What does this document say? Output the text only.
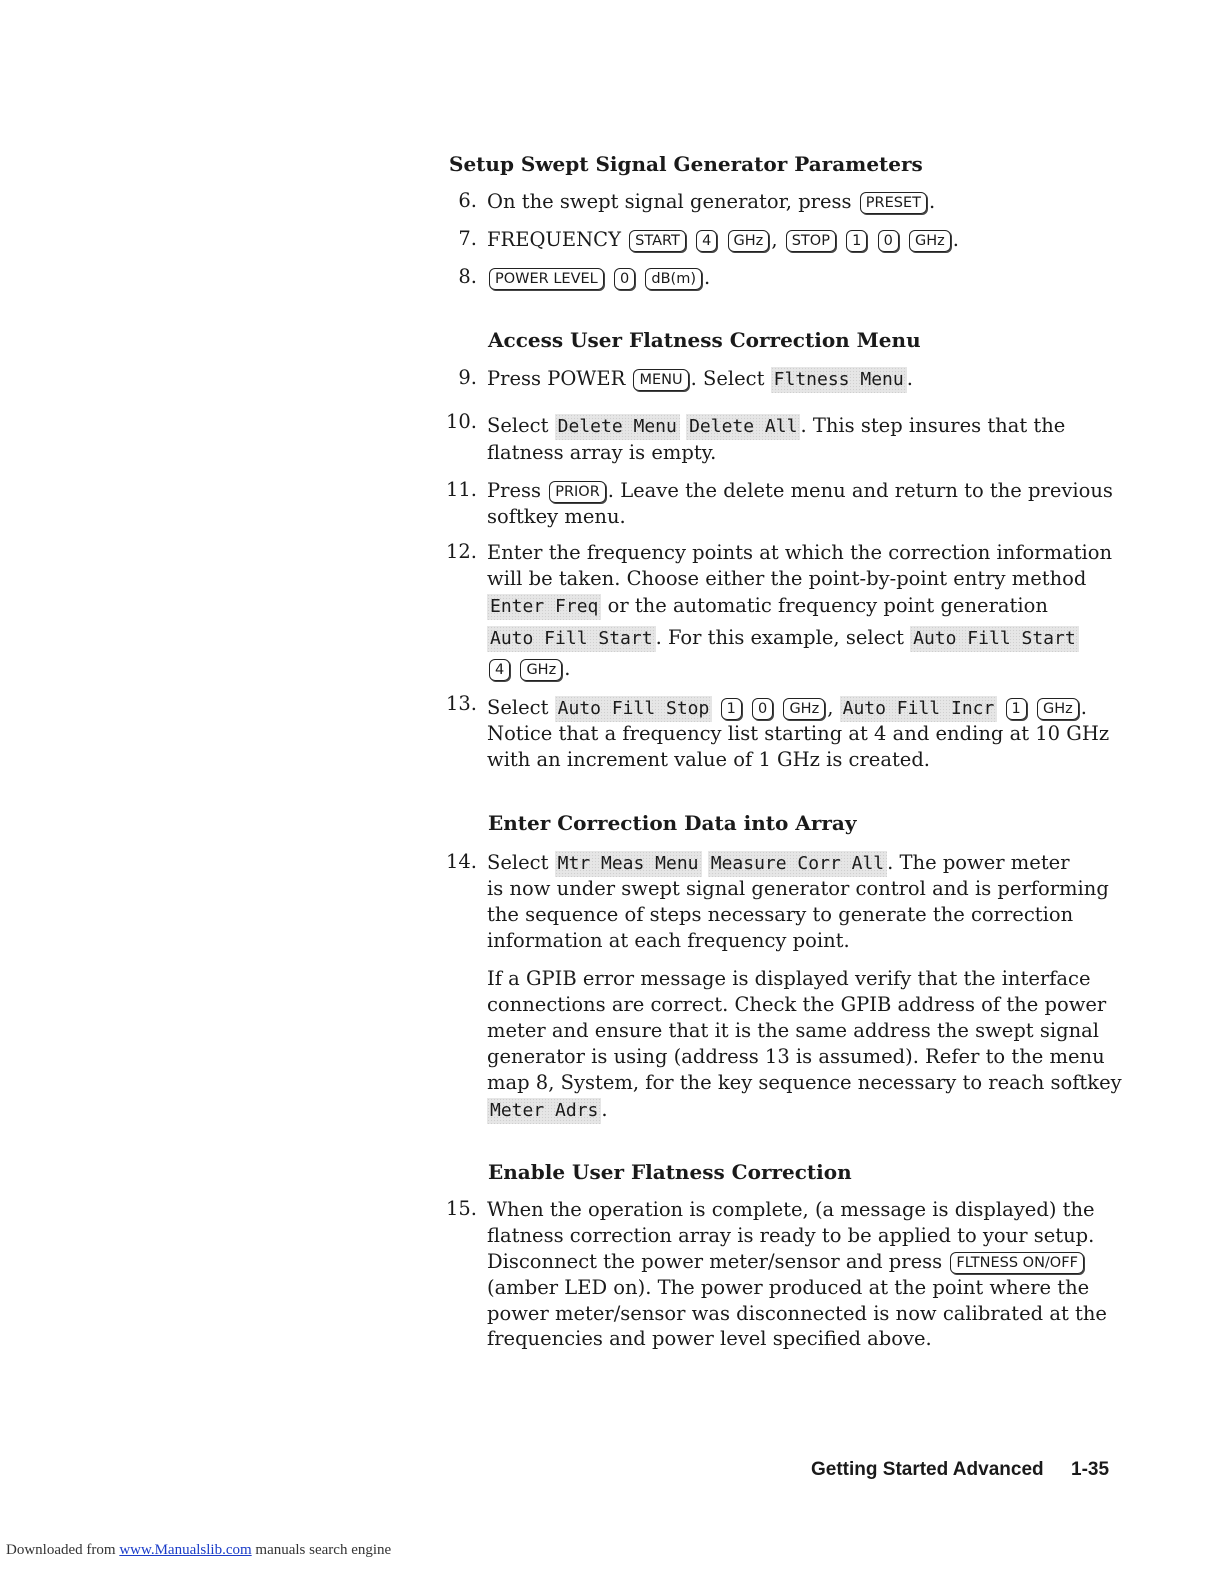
Setup Swept Signal Generator Parameters
6. On the swept signal generator, press PRESET .
7. FREQUENCY START 4 GHz , STOP 1 0 GHz .
8.	POWER LEVEL 0 dB(m) .
Access User Flatness Correction Menu
9. Press POWER MENU . Select Fltness Menu .
10. Select Delete Menu Delete All . This step insures that the
flatness array is empty.
11. Press PRIOR . Leave the delete menu and return to the previous
softkey menu.
12. Enter the frequency points at which the correction information
will be taken. Choose either the point-by-point entry method
Enter Freq or the automatic frequency point generation
Auto Fill Start . For this example, select Auto Fill Start
4 GHz .
13. Select Auto Fill Stop 1 0 GHz , Auto Fill Incr 1 GHz .
Notice that a frequency list starting at 4 and ending at 10 GHz
with an increment value of 1 GHz is created.
Enter Correction Data into Array
14. Select Mtr Meas Menu Measure Corr All . The power meter
is now under swept signal generator control and is performing
the sequence of steps necessary to generate the correction
information at each frequency point.
If a GPIB error message is displayed verify that the interface
connections are correct. Check the GPIB address of the power
meter and ensure that it is the same address the swept signal
generator is using (address 13 is assumed). Refer to the menu
map 8, System, for the key sequence necessary to reach softkey
Meter Adrs .
Enable User Flatness Correction
15. When the operation is complete, (a message is displayed) the
flatness correction array is ready to be applied to your setup.
Disconnect the power meter/sensor and press FLTNESS ON/OFF
(amber LED on). The power produced at the point where the
power meter/sensor was disconnected is now calibrated at the
frequencies and power level specified above.
Getting Started Advanced 1-35
Downloaded from www.Manualslib.com manuals search engine
